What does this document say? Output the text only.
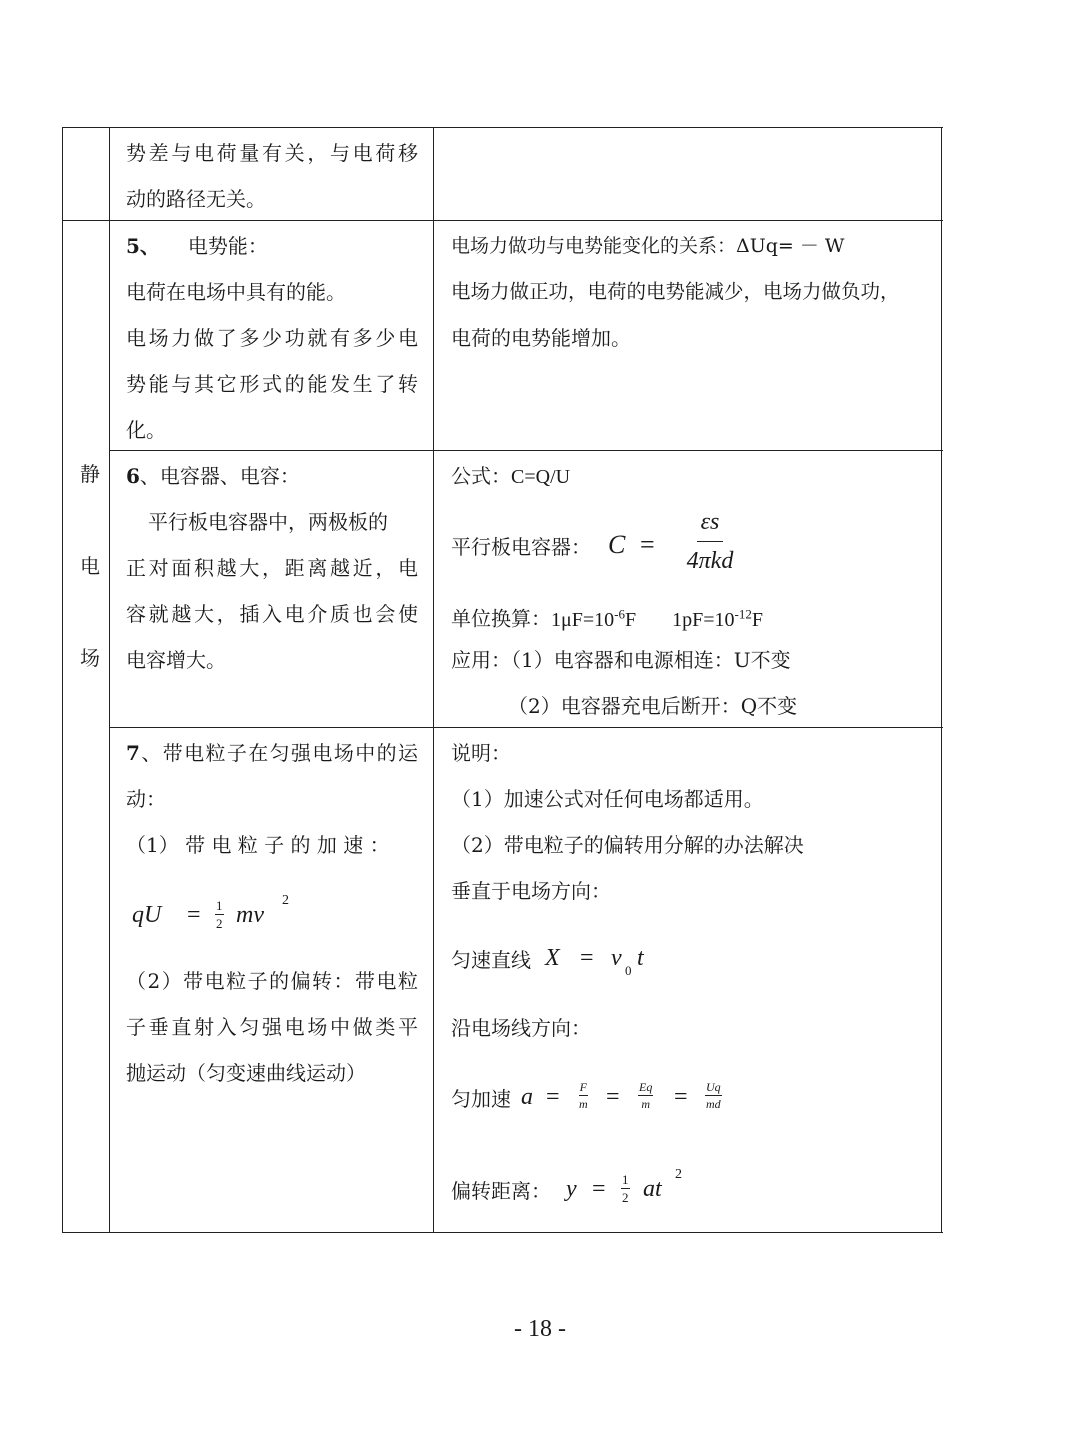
静
电
场
势差与电荷量有关，与电荷移
动的路径无关。
5、 电势能：
电荷在电场中具有的能。
电场力做了多少功就有多少电
势能与其它形式的能发生了转
化。
电场力做功与电势能变化的关系：ΔUq= － W
电场力做正功，电荷的电势能减少，电场力做负功，
电荷的电势能增加。
6、电容器、电容：
平行板电容器中，两极板的
正对面积越大，距离越近，电
容就越大，插入电介质也会使
电容增大。
公式：C=Q/U
平行板电容器： C =
εs
4πkd
单位换算：$1\mu F=10^{-6}F$ $1pF=10^{-12}F$
应用：（1）电容器和电源相连：U不变
（2）电容器充电后断开：Q不变
7、带电粒子在匀强电场中的运
动：
（1） 带 电 粒 子 的 加 速 ：
qU = $\frac{1}{2}$ mv
2
（2）带电粒子的偏转：带电粒
子垂直射入匀强电场中做类平
抛运动（匀变速曲线运动）
说明：
（1）加速公式对任何电场都适用。
（2）带电粒子的偏转用分解的办法解决
垂直于电场方向：
匀速直线 X = v 0 t
沿电场线方向：
匀加速 $a = \frac{F}{m} = \frac{Eq}{m} = \frac{Uq}{md}$
偏转距离： $y = \frac{1}{2}$ at
2
- 18 -
